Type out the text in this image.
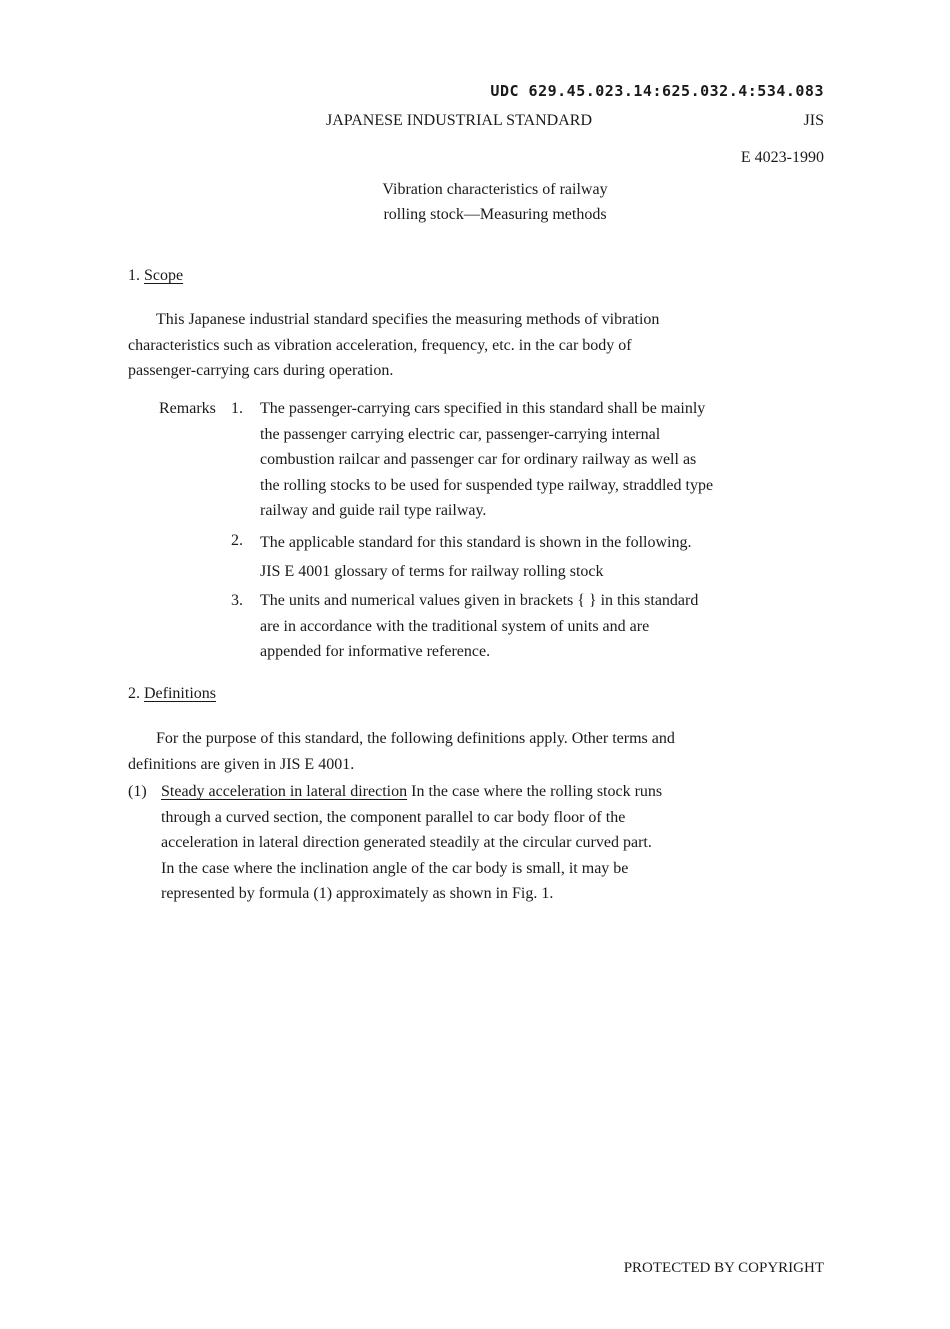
UDC 629.45.023.14:625.032.4:534.083
JAPANESE INDUSTRIAL STANDARD	JIS
E 4023-1990
Vibration characteristics of railway
rolling stock—Measuring methods
1. Scope
This Japanese industrial standard specifies the measuring methods of vibration
characteristics such as vibration acceleration, frequency, etc. in the car body of
passenger-carrying cars during operation.
Remarks 1. The passenger-carrying cars specified in this standard shall be mainly
the passenger carrying electric car, passenger-carrying internal
combustion railcar and passenger car for ordinary railway as well as
the rolling stocks to be used for suspended type railway, straddled type
railway and guide rail type railway.
2. The applicable standard for this standard is shown in the following.
JIS E 4001 glossary of terms for railway rolling stock
3. The units and numerical values given in brackets { } in this standard
are in accordance with the traditional system of units and are
appended for informative reference.
2. Definitions
For the purpose of this standard, the following definitions apply. Other terms and
definitions are given in JIS E 4001.
(1) Steady acceleration in lateral direction In the case where the rolling stock runs
through a curved section, the component parallel to car body floor of the
acceleration in lateral direction generated steadily at the circular curved part.
In the case where the inclination angle of the car body is small, it may be
represented by formula (1) approximately as shown in Fig. 1.
PROTECTED BY COPYRIGHT
